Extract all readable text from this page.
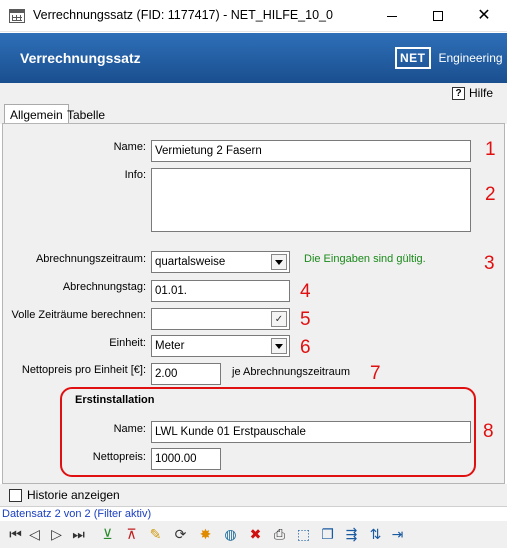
Verrechnungssatz (FID: 1177417) - NET_HILFE_10_0	✕
Verrechnungssatz	NET	Engineering
? Hilfe
Allgemein Tabelle
Name: Vermietung 2 Fasern	1
Info:
2
Abrechnungszeitraum: quartalsweise	Die Eingaben sind gültig.	3
Abrechnungstag: 01.01.	4
Volle Zeiträume berechnen:	✓ 5
Einheit: Meter	6
Nettopreis pro Einheit [€]: 2.00	je Abrechnungszeitraum 7
Erstinstallation
Name: LWL Kunde 01 Erstpauschale
Nettopreis: 1000.00
8
Historie anzeigen
Datensatz 2 von 2 (Filter aktiv)
⏮ ◁ ▷ ⏭	⊻ ⊼ ✎ ⟳ ✸ ◍ ✖ ⎙ ⬚ ❐ ⇶ ⇅ ⇥
